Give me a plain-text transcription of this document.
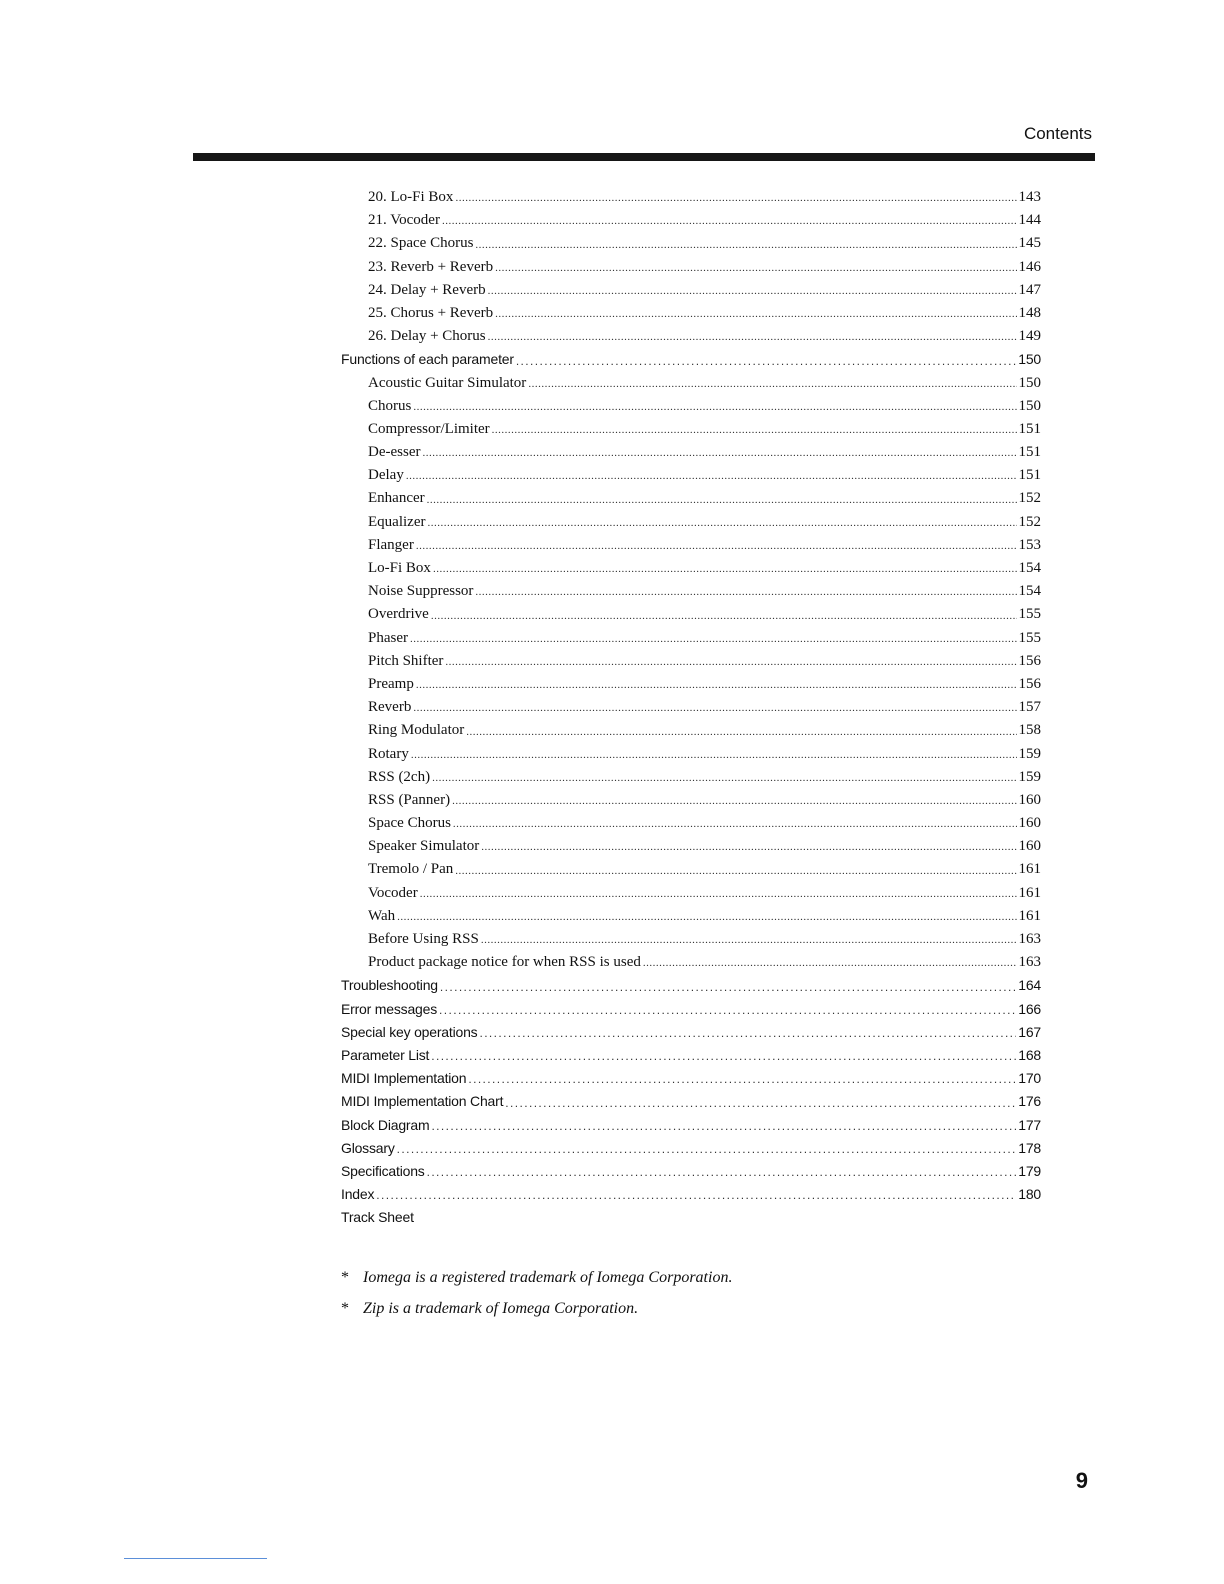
Contents
20. Lo-Fi Box .....	143
21. Vocoder .....	144
22. Space Chorus .....	145
23. Reverb + Reverb .....	146
24. Delay + Reverb .....	147
25. Chorus + Reverb .....	148
26. Delay + Chorus .....	149
Functions of each parameter .....	150
Acoustic Guitar Simulator .....	150
Chorus .....	150
Compressor/Limiter .....	151
De-esser .....	151
Delay .....	151
Enhancer .....	152
Equalizer .....	152
Flanger .....	153
Lo-Fi Box .....	154
Noise Suppressor .....	154
Overdrive .....	155
Phaser .....	155
Pitch Shifter .....	156
Preamp .....	156
Reverb .....	157
Ring Modulator .....	158
Rotary .....	159
RSS (2ch) .....	159
RSS (Panner) .....	160
Space Chorus .....	160
Speaker Simulator .....	160
Tremolo / Pan .....	161
Vocoder .....	161
Wah .....	161
Before Using RSS .....	163
Product package notice for when RSS is used .....	163
Troubleshooting .....	164
Error messages .....	166
Special key operations .....	167
Parameter List .....	168
MIDI Implementation .....	170
MIDI Implementation Chart .....	176
Block Diagram .....	177
Glossary .....	178
Specifications .....	179
Index .....	180
Track Sheet
* Iomega is a registered trademark of Iomega Corporation.
* Zip is a trademark of Iomega Corporation.
9
